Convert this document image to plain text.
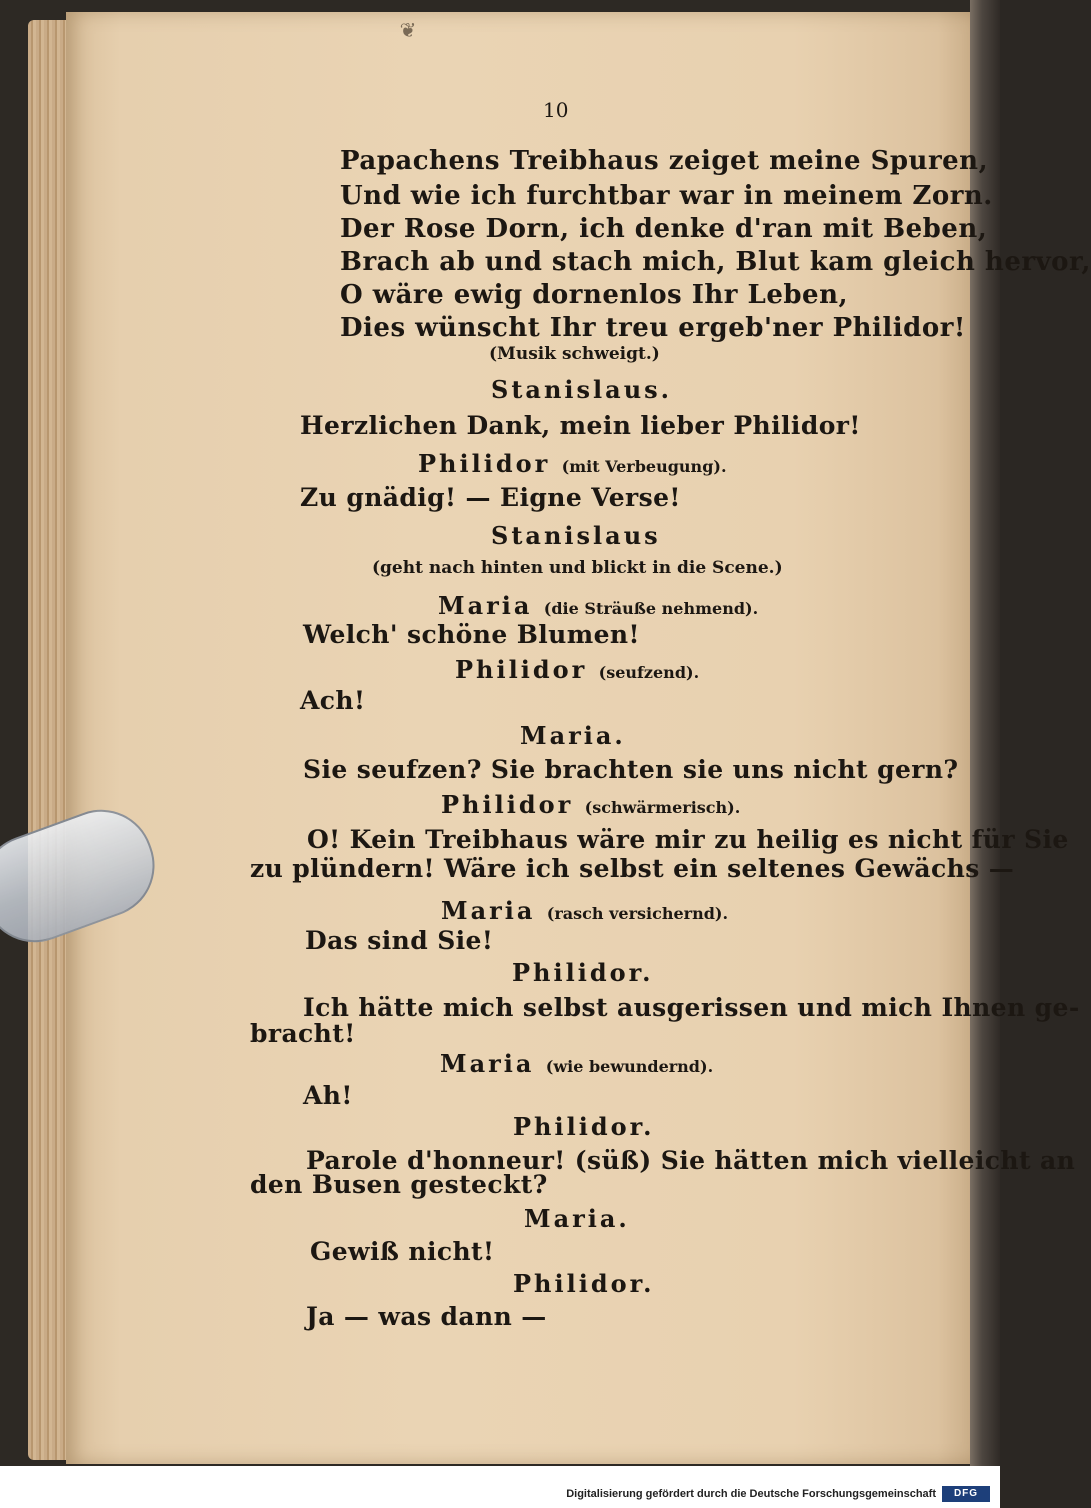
❦
10
Papachens Treibhaus zeiget meine Spuren,
Und wie ich furchtbar war in meinem Zorn.
Der Rose Dorn, ich denke d'ran mit Beben,
Brach ab und stach mich, Blut kam gleich hervor,
O wäre ewig dornenlos Ihr Leben,
Dies wünscht Ihr treu ergeb'ner Philidor!
(Musik schweigt.)
Stanislaus.
Herzlichen Dank, mein lieber Philidor!
Philidor (mit Verbeugung).
Zu gnädig! — Eigne Verse!
Stanislaus
(geht nach hinten und blickt in die Scene.)
Maria (die Sträuße nehmend).
Welch' schöne Blumen!
Philidor (seufzend).
Ach!
Maria.
Sie seufzen? Sie brachten sie uns nicht gern?
Philidor (schwärmerisch).
O! Kein Treibhaus wäre mir zu heilig es nicht für Sie
zu plündern! Wäre ich selbst ein seltenes Gewächs —
Maria (rasch versichernd).
Das sind Sie!
Philidor.
Ich hätte mich selbst ausgerissen und mich Ihnen ge-
bracht!
Maria (wie bewundernd).
Ah!
Philidor.
Parole d'honneur! (süß) Sie hätten mich vielleicht an
den Busen gesteckt?
Maria.
Gewiß nicht!
Philidor.
Ja — was dann —
Digitalisierung gefördert durch die Deutsche Forschungsgemeinschaft	DFG
